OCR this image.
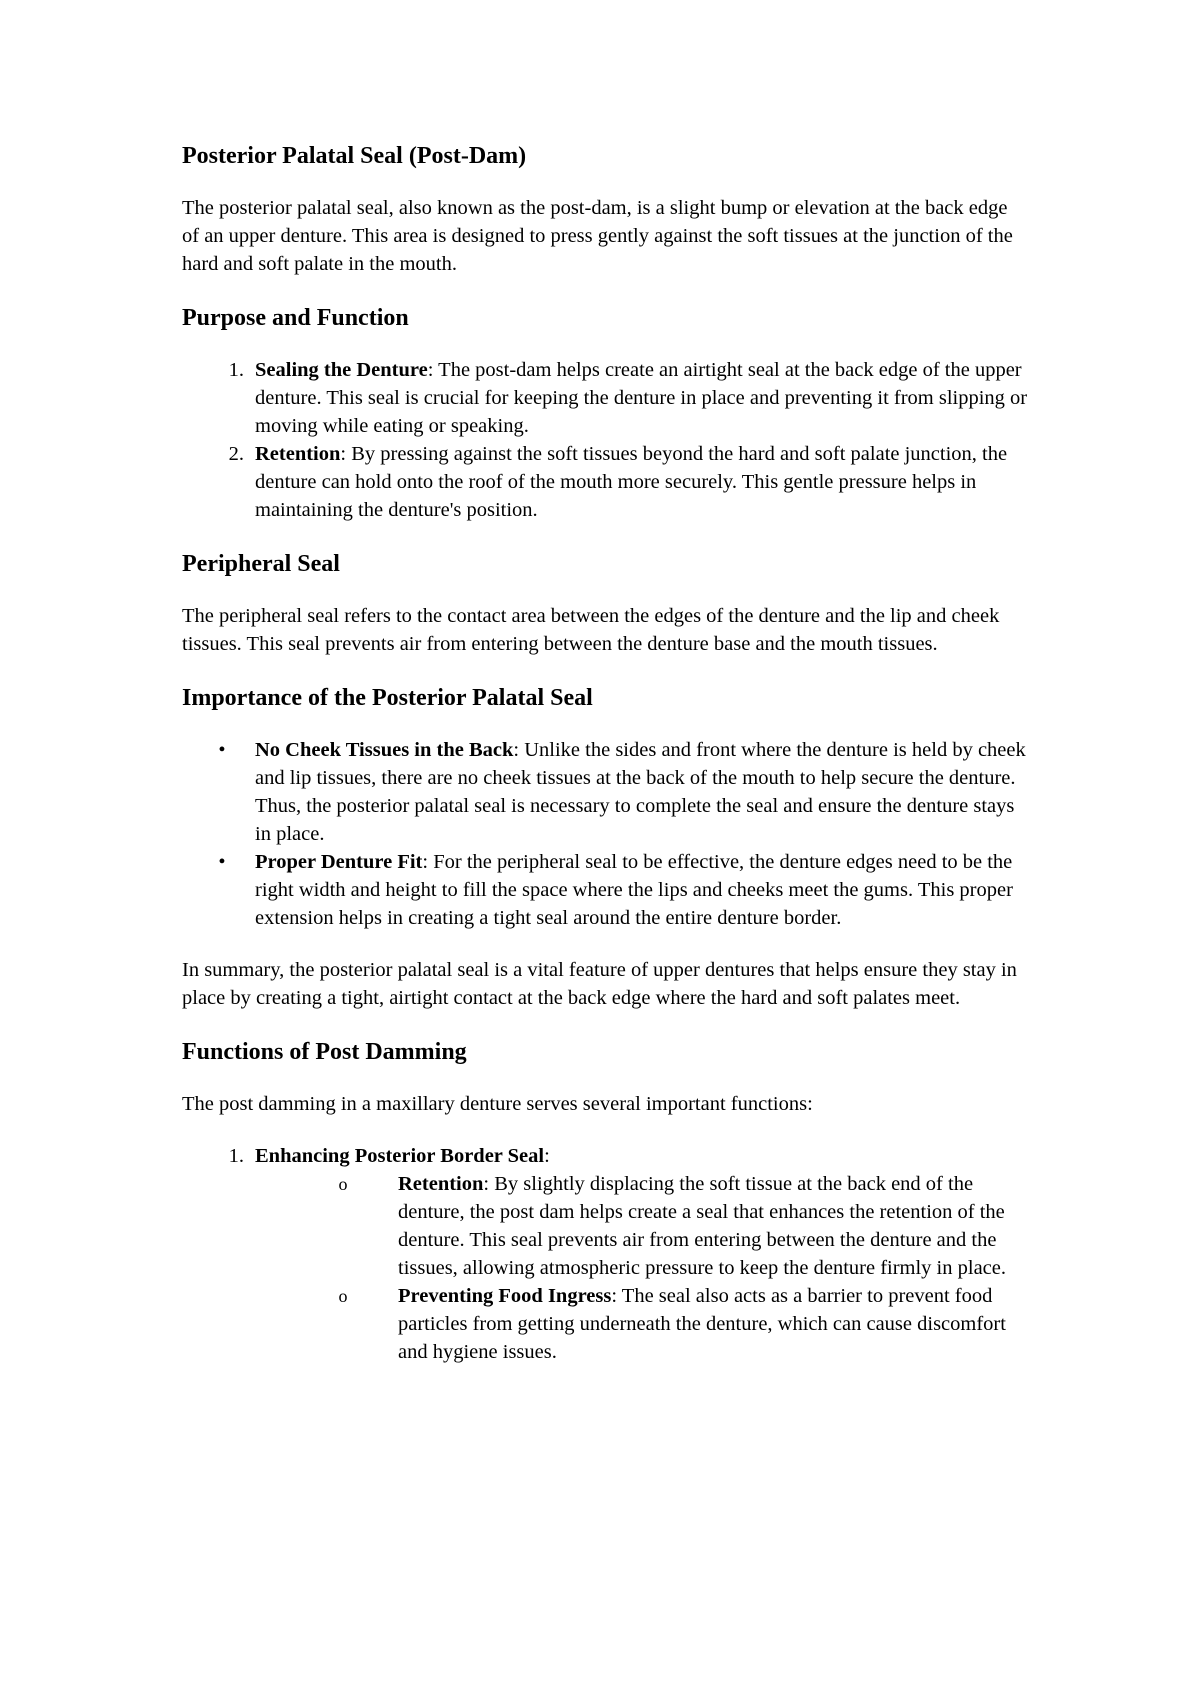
Posterior Palatal Seal (Post-Dam)

The posterior palatal seal, also known as the post-dam, is a slight bump or elevation at the back edge of an upper denture. This area is designed to press gently against the soft tissues at the junction of the hard and soft palate in the mouth.

Purpose and Function
1. Sealing the Denture: The post-dam helps create an airtight seal at the back edge of the upper denture. This seal is crucial for keeping the denture in place and preventing it from slipping or moving while eating or speaking.
2. Retention: By pressing against the soft tissues beyond the hard and soft palate junction, the denture can hold onto the roof of the mouth more securely. This gentle pressure helps in maintaining the denture's position.
Peripheral Seal

The peripheral seal refers to the contact area between the edges of the denture and the lip and cheek tissues. This seal prevents air from entering between the denture base and the mouth tissues.

Importance of the Posterior Palatal Seal
•	No Cheek Tissues in the Back: Unlike the sides and front where the denture is held by cheek and lip tissues, there are no cheek tissues at the back of the mouth to help secure the denture. Thus, the posterior palatal seal is necessary to complete the seal and ensure the denture stays in place.
•	Proper Denture Fit: For the peripheral seal to be effective, the denture edges need to be the right width and height to fill the space where the lips and cheeks meet the gums. This proper extension helps in creating a tight seal around the entire denture border.

In summary, the posterior palatal seal is a vital feature of upper dentures that helps ensure they stay in place by creating a tight, airtight contact at the back edge where the hard and soft palates meet.

Functions of Post Damming

The post damming in a maxillary denture serves several important functions:

1. Enhancing Posterior Border Seal:
o	Retention: By slightly displacing the soft tissue at the back end of the denture, the post dam helps create a seal that enhances the retention of the denture. This seal prevents air from entering between the denture and the tissues, allowing atmospheric pressure to keep the denture firmly in place.
o	Preventing Food Ingress: The seal also acts as a barrier to prevent food particles from getting underneath the denture, which can cause discomfort and hygiene issues.
